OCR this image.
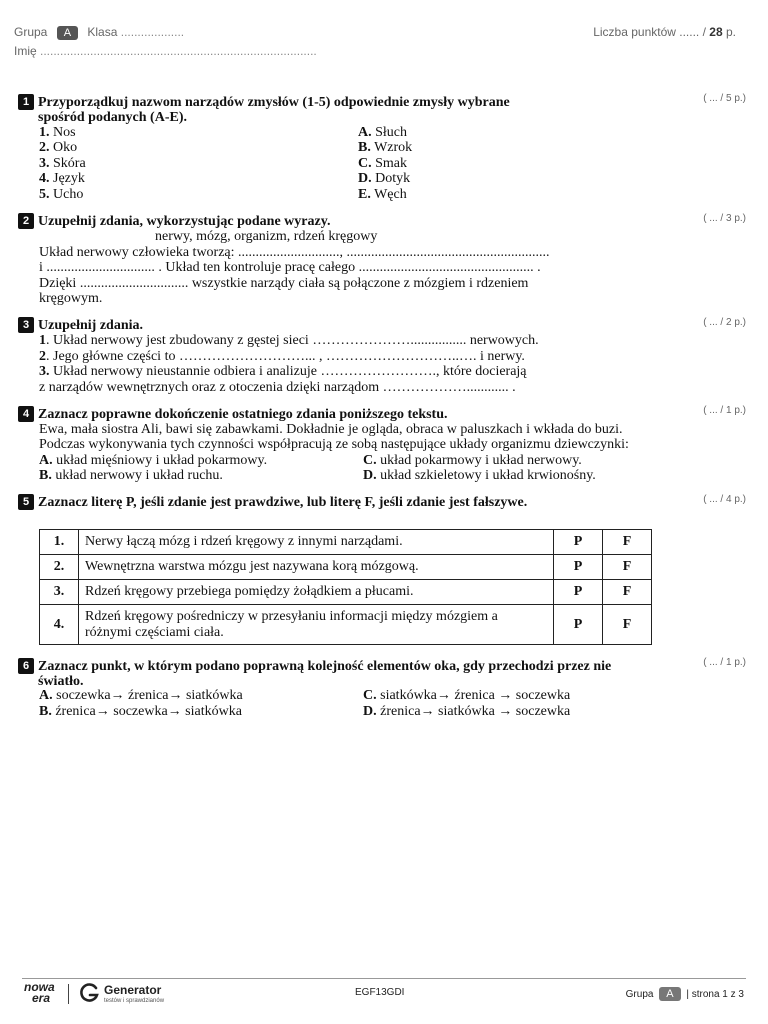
Grupa A Klasa ...................
Imię ...................................................................................
Liczba punktów ...... / 28 p.
1 Przyporządkuj nazwom narządów zmysłów (1-5) odpowiednie zmysły wybrane
spośród podanych (A-E).
( ... / 5 p.)
1. Nos
2. Oko
3. Skóra
4. Język
5. Ucho
A. Słuch
B. Wzrok
C. Smak
D. Dotyk
E. Węch
2 Uzupełnij zdania, wykorzystując podane wyrazy.	( ... / 3 p.)
nerwy, mózg, organizm, rdzeń kręgowy
Układ nerwowy człowieka tworzą: ............................., ..........................................................
i ............................... . Układ ten kontroluje pracę całego .................................................. .
Dzięki ............................... wszystkie narządy ciała są połączone z mózgiem i rdzeniem
kręgowym.
3 Uzupełnij zdania.	( ... / 2 p.)
1. Układ nerwowy jest zbudowany z gęstej sieci …………………................ nerwowych.
2. Jego główne części to ………………………... , ………………………..…. i nerwy.
3. Układ nerwowy nieustannie odbiera i analizuje ……………………., które docierają
z narządów wewnętrznych oraz z otoczenia dzięki narządom ………………............ .
4 Zaznacz poprawne dokończenie ostatniego zdania poniższego tekstu.	( ... / 1 p.)
Ewa, mała siostra Ali, bawi się zabawkami. Dokładnie je ogląda, obraca w paluszkach i wkłada do buzi.
Podczas wykonywania tych czynności współpracują ze sobą następujące układy organizmu dziewczynki:
A. układ mięśniowy i układ pokarmowy.
B. układ nerwowy i układ ruchu.
C. układ pokarmowy i układ nerwowy.
D. układ szkieletowy i układ krwionośny.
5 Zaznacz literę P, jeśli zdanie jest prawdziwe, lub literę F, jeśli zdanie jest fałszywe.	( ... / 4 p.)
1.	Nerwy łączą mózg i rdzeń kręgowy z innymi narządami.	P	F
2.	Wewnętrzna warstwa mózgu jest nazywana korą mózgową.	P	F
3.	Rdzeń kręgowy przebiega pomiędzy żołądkiem a płucami.	P	F
4.	Rdzeń kręgowy pośredniczy w przesyłaniu informacji między mózgiem a różnymi częściami ciała.	P	F
6 Zaznacz punkt, w którym podano poprawną kolejność elementów oka, gdy przechodzi przez nie
światło.
( ... / 1 p.)
A. soczewka→ źrenica→ siatkówka
B. źrenica→ soczewka→ siatkówka
C. siatkówka→ źrenica → soczewka
D. źrenica→ siatkówka → soczewka
nowa
era
Generator
testów i sprawdzianów
EGF13GDI	Grupa A | strona 1 z 3
